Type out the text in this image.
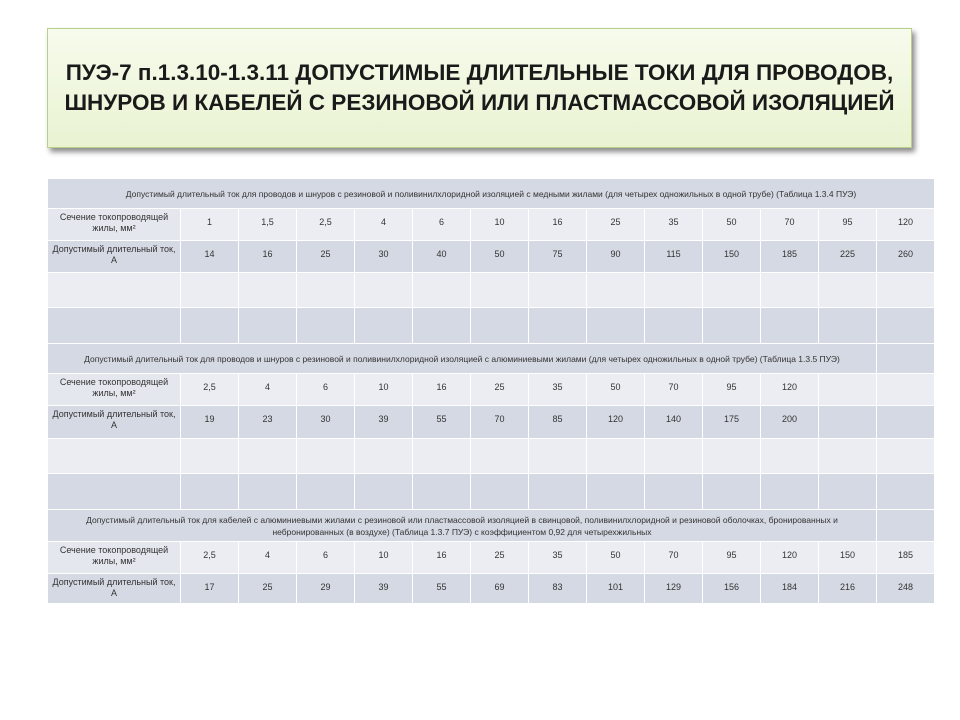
ПУЭ-7 п.1.3.10-1.3.11 ДОПУСТИМЫЕ ДЛИТЕЛЬНЫЕ ТОКИ ДЛЯ ПРОВОДОВ, ШНУРОВ И КАБЕЛЕЙ С РЕЗИНОВОЙ ИЛИ ПЛАСТМАССОВОЙ ИЗОЛЯЦИЕЙ

Допустимый длительный ток для проводов и шнуров с резиновой и поливинилхлоридной изоляцией с медными жилами (для четырех одножильных в одной трубе) (Таблица 1.3.4 ПУЭ)													
Сечение токопроводящей жилы, мм²	1	1,5	2,5	4	6	10	16	25	35	50	70	95	120
Допустимый длительный ток, А	14	16	25	30	40	50	75	90	115	150	185	225	260

Допустимый длительный ток для проводов и шнуров с резиновой и поливинилхлоридной изоляцией с алюминиевыми жилами (для четырех одножильных в одной трубе) (Таблица 1.3.5 ПУЭ)													
Сечение токопроводящей жилы, мм²	2,5	4	6	10	16	25	35	50	70	95	120		
Допустимый длительный ток, А	19	23	30	39	55	70	85	120	140	175	200		

Допустимый длительный ток для кабелей с алюминиевыми жилами с резиновой или пластмассовой изоляцией в свинцовой, поливинилхлоридной и резиновой оболочках, бронированных и небронированных (в воздухе) (Таблица 1.3.7 ПУЭ) с коэффициентом 0,92 для четырехжильных													
Сечение токопроводящей жилы, мм²	2,5	4	6	10	16	25	35	50	70	95	120	150	185
Допустимый длительный ток, А	17	25	29	39	55	69	83	101	129	156	184	216	248
